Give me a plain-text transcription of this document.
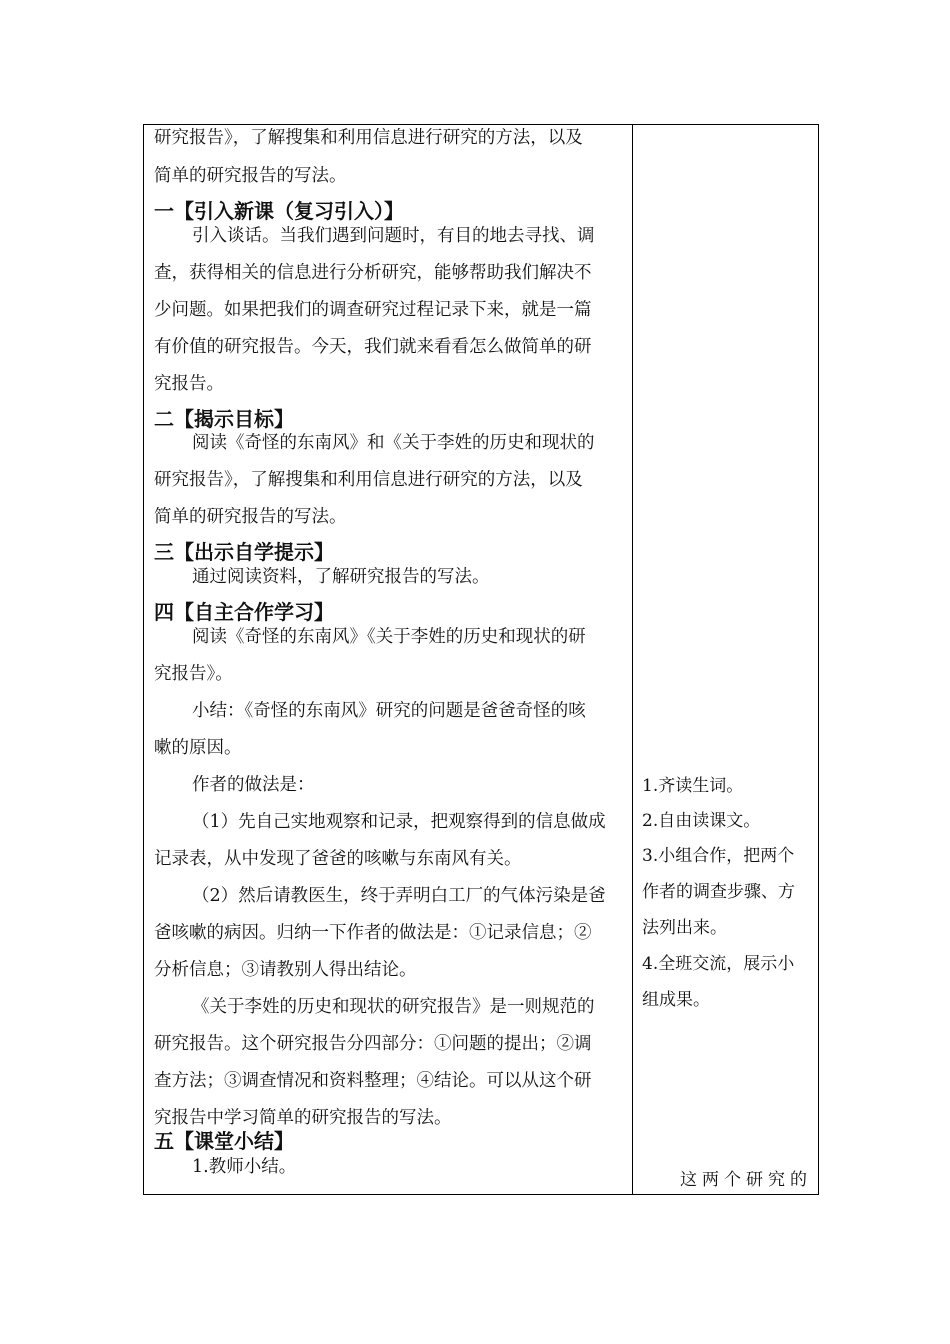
研究报告》，了解搜集和利用信息进行研究的方法，以及
简单的研究报告的写法。
一【引入新课（复习引入）】
引入谈话。当我们遇到问题时，有目的地去寻找、调
查，获得相关的信息进行分析研究，能够帮助我们解决不
少问题。如果把我们的调查研究过程记录下来，就是一篇
有价值的研究报告。今天，我们就来看看怎么做简单的研
究报告。
二【揭示目标】
阅读《奇怪的东南风》和《关于李姓的历史和现状的
研究报告》，了解搜集和利用信息进行研究的方法，以及
简单的研究报告的写法。
三【出示自学提示】
通过阅读资料，了解研究报告的写法。
四【自主合作学习】
阅读《奇怪的东南风》《关于李姓的历史和现状的研
究报告》。
小结：《奇怪的东南风》研究的问题是爸爸奇怪的咳
嗽的原因。
作者的做法是：
（1）先自己实地观察和记录，把观察得到的信息做成
记录表，从中发现了爸爸的咳嗽与东南风有关。
（2）然后请教医生，终于弄明白工厂的气体污染是爸
爸咳嗽的病因。归纳一下作者的做法是：①记录信息；②
分析信息；③请教别人得出结论。
《关于李姓的历史和现状的研究报告》是一则规范的
研究报告。这个研究报告分四部分：①问题的提出；②调
查方法；③调查情况和资料整理；④结论。可以从这个研
究报告中学习简单的研究报告的写法。
五【课堂小结】
1.教师小结。
1.齐读生词。
2.自由读课文。
3.小组合作，把两个
作者的调查步骤、方
法列出来。
4.全班交流，展示小
组成果。
这两个研究的
